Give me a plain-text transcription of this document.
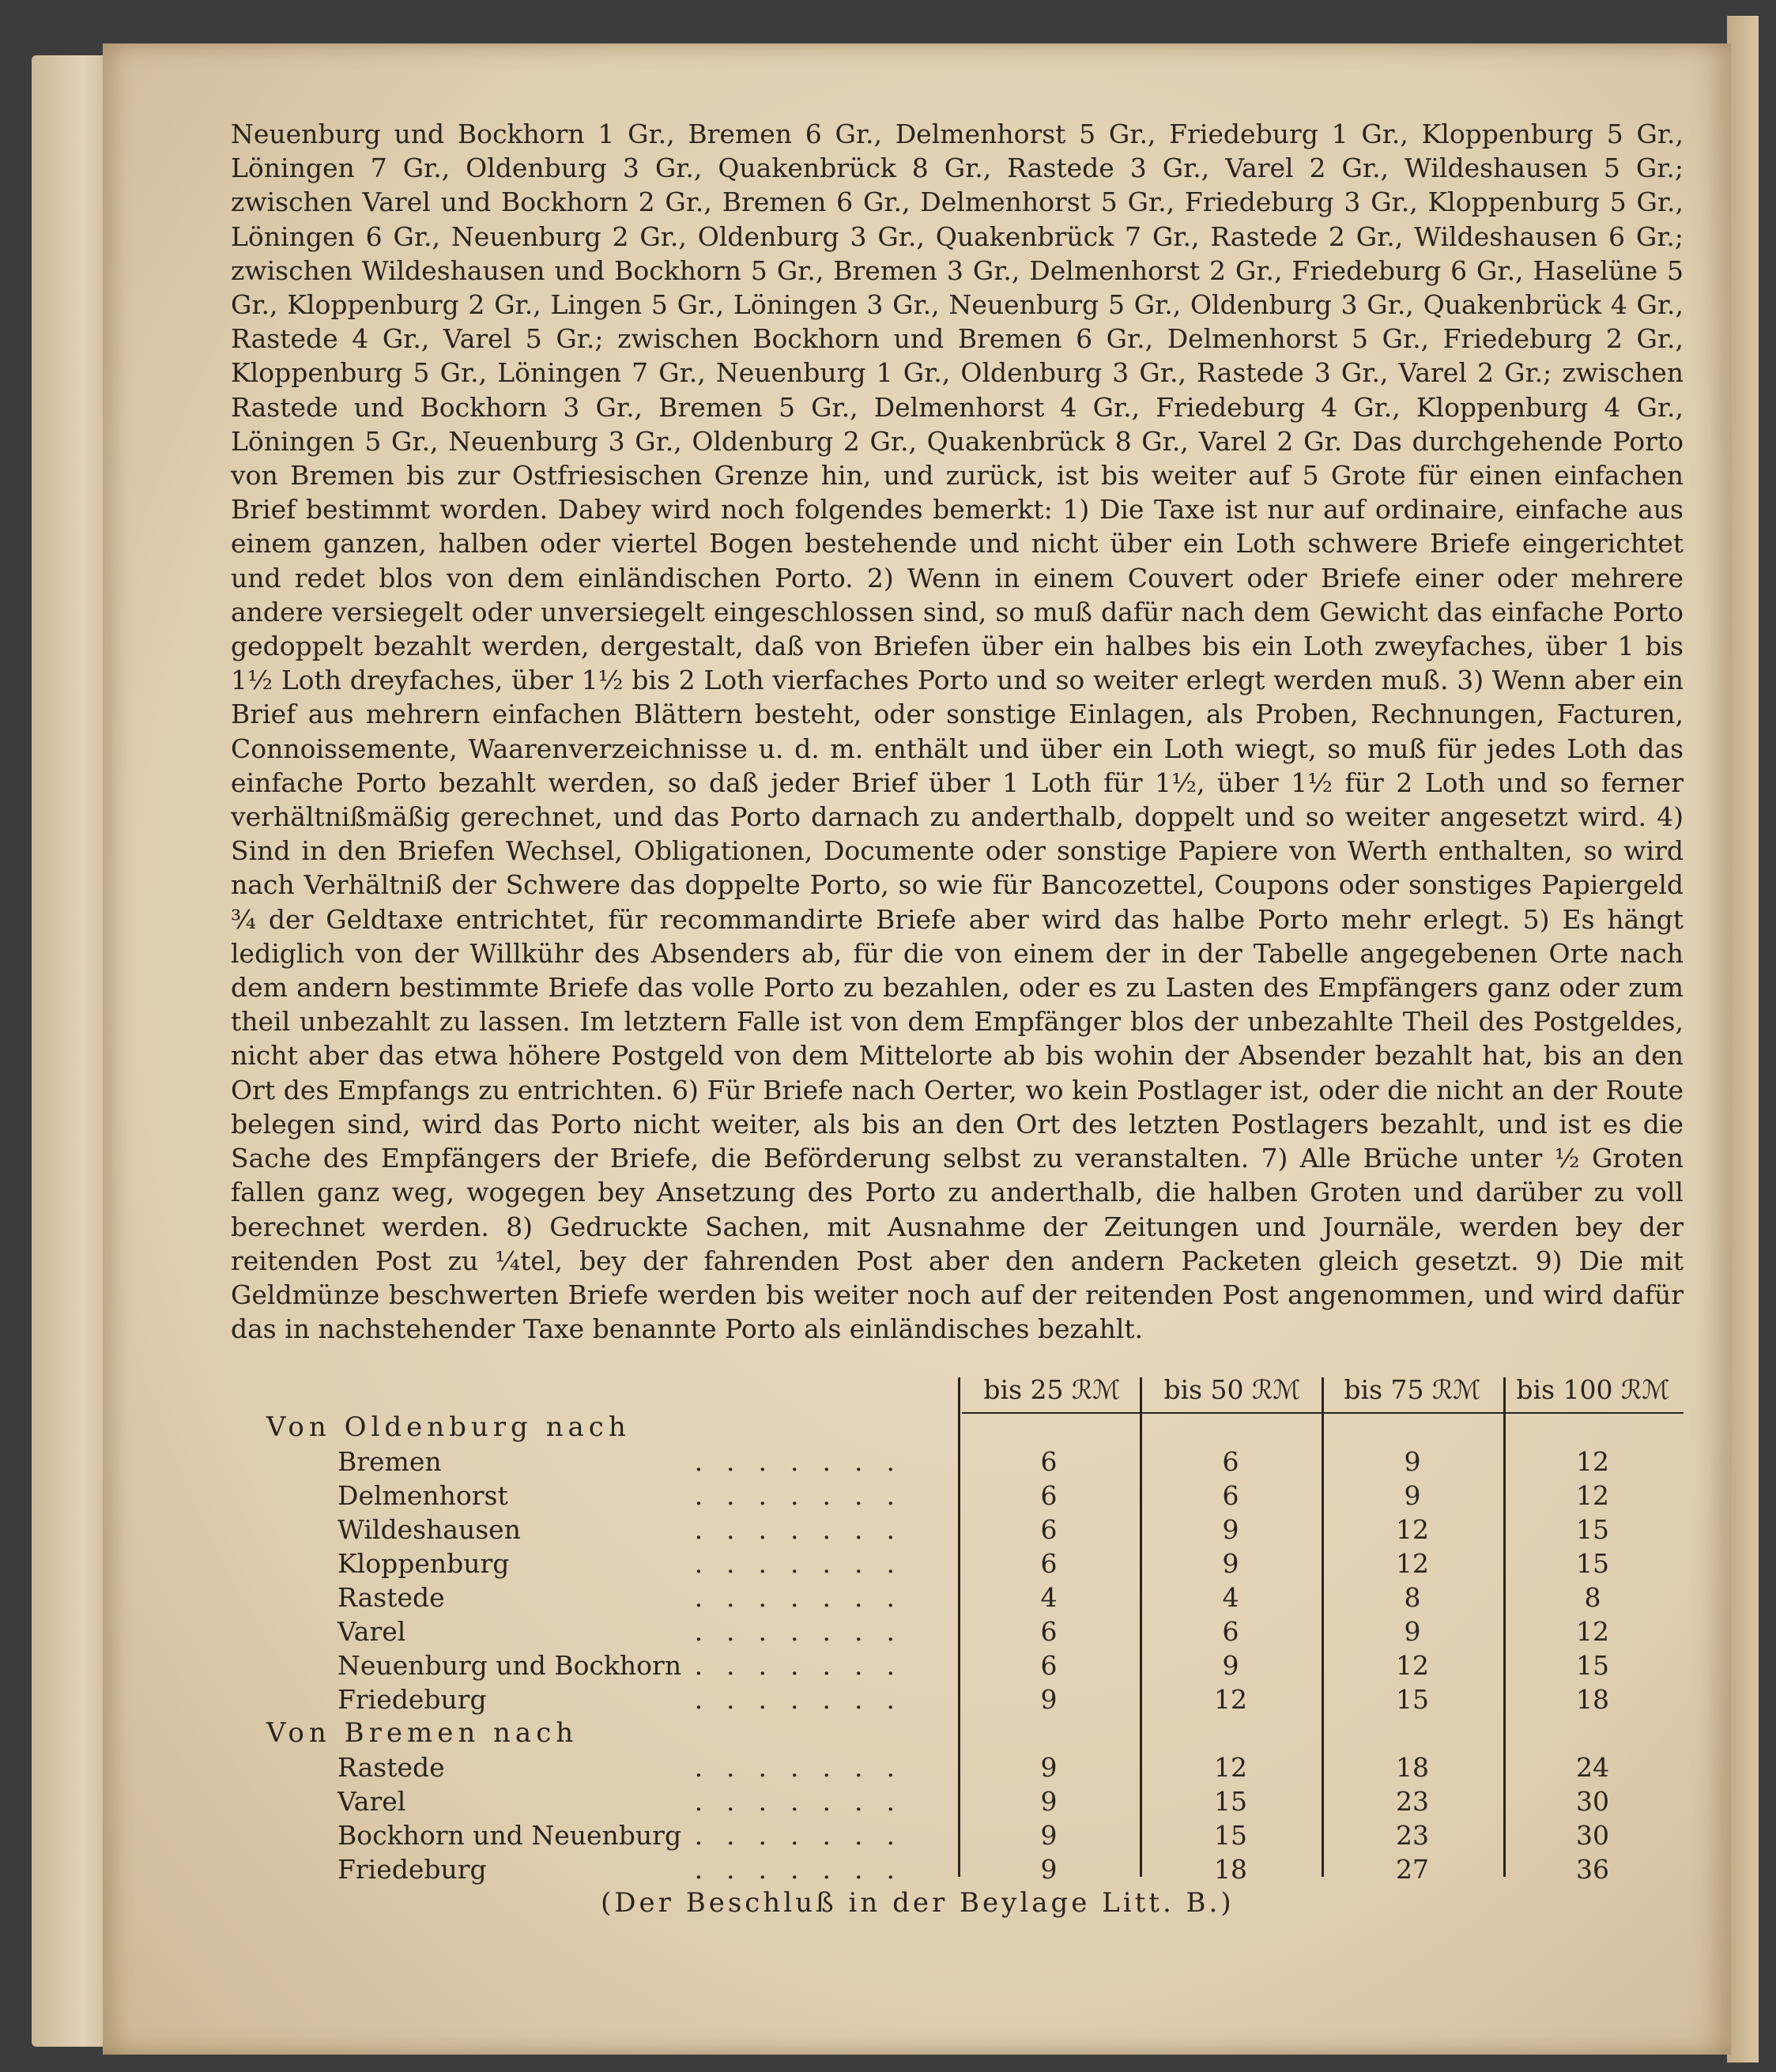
Neuenburg und Bockhorn 1 Gr., Bremen 6 Gr., Delmenhorst 5 Gr., Friedeburg 1 Gr., Kloppenburg 5 Gr., Löningen 7 Gr., Oldenburg 3 Gr., Quakenbrück 8 Gr., Rastede 3 Gr., Varel 2 Gr., Wildeshausen 5 Gr.; zwischen Varel und Bockhorn 2 Gr., Bremen 6 Gr., Delmenhorst 5 Gr., Friedeburg 3 Gr., Kloppenburg 5 Gr., Löningen 6 Gr., Neuenburg 2 Gr., Oldenburg 3 Gr., Quakenbrück 7 Gr., Rastede 2 Gr., Wildeshausen 6 Gr.; zwischen Wildeshausen und Bockhorn 5 Gr., Bremen 3 Gr., Delmenhorst 2 Gr., Friedeburg 6 Gr., Haselüne 5 Gr., Kloppenburg 2 Gr., Lingen 5 Gr., Löningen 3 Gr., Neuenburg 5 Gr., Oldenburg 3 Gr., Quakenbrück 4 Gr., Rastede 4 Gr., Varel 5 Gr.; zwischen Bockhorn und Bremen 6 Gr., Delmenhorst 5 Gr., Friedeburg 2 Gr., Kloppenburg 5 Gr., Löningen 7 Gr., Neuenburg 1 Gr., Oldenburg 3 Gr., Rastede 3 Gr., Varel 2 Gr.; zwischen Rastede und Bockhorn 3 Gr., Bremen 5 Gr., Delmenhorst 4 Gr., Friedeburg 4 Gr., Kloppenburg 4 Gr., Löningen 5 Gr., Neuenburg 3 Gr., Oldenburg 2 Gr., Quakenbrück 8 Gr., Varel 2 Gr. Das durchgehende Porto von Bremen bis zur Ostfriesischen Grenze hin, und zurück, ist bis weiter auf 5 Grote für einen einfachen Brief bestimmt worden. Dabey wird noch folgendes bemerkt: 1) Die Taxe ist nur auf ordinaire, einfache aus einem ganzen, halben oder viertel Bogen bestehende und nicht über ein Loth schwere Briefe eingerichtet und redet blos von dem einländischen Porto. 2) Wenn in einem Couvert oder Briefe einer oder mehrere andere versiegelt oder unversiegelt eingeschlossen sind, so muß dafür nach dem Gewicht das einfache Porto gedoppelt bezahlt werden, dergestalt, daß von Briefen über ein halbes bis ein Loth zweyfaches, über 1 bis 1½ Loth dreyfaches, über 1½ bis 2 Loth vierfaches Porto und so weiter erlegt werden muß. 3) Wenn aber ein Brief aus mehrern einfachen Blättern besteht, oder sonstige Einlagen, als Proben, Rechnungen, Facturen, Connoissemente, Waarenverzeichnisse u. d. m. enthält und über ein Loth wiegt, so muß für jedes Loth das einfache Porto bezahlt werden, so daß jeder Brief über 1 Loth für 1½, über 1½ für 2 Loth und so ferner verhältnißmäßig gerechnet, und das Porto darnach zu anderthalb, doppelt und so weiter angesetzt wird. 4) Sind in den Briefen Wechsel, Obligationen, Documente oder sonstige Papiere von Werth enthalten, so wird nach Verhältniß der Schwere das doppelte Porto, so wie für Bancozettel, Coupons oder sonstiges Papiergeld ¾ der Geldtaxe entrichtet, für recommandirte Briefe aber wird das halbe Porto mehr erlegt. 5) Es hängt lediglich von der Willkühr des Absenders ab, für die von einem der in der Tabelle angegebenen Orte nach dem andern bestimmte Briefe das volle Porto zu bezahlen, oder es zu Lasten des Empfängers ganz oder zum theil unbezahlt zu lassen. Im letztern Falle ist von dem Empfänger blos der unbezahlte Theil des Postgeldes, nicht aber das etwa höhere Postgeld von dem Mittelorte ab bis wohin der Absender bezahlt hat, bis an den Ort des Empfangs zu entrichten. 6) Für Briefe nach Oerter, wo kein Postlager ist, oder die nicht an der Route belegen sind, wird das Porto nicht weiter, als bis an den Ort des letzten Postlagers bezahlt, und ist es die Sache des Empfängers der Briefe, die Beförderung selbst zu veranstalten. 7) Alle Brüche unter ½ Groten fallen ganz weg, wogegen bey Ansetzung des Porto zu anderthalb, die halben Groten und darüber zu voll berechnet werden. 8) Gedruckte Sachen, mit Ausnahme der Zeitungen und Journäle, werden bey der reitenden Post zu ¼tel, bey der fahrenden Post aber den andern Packeten gleich gesetzt. 9) Die mit Geldmünze beschwerten Briefe werden bis weiter noch auf der reitenden Post angenommen, und wird dafür das in nachstehender Taxe benannte Porto als einländisches bezahlt.

bis 25 ℛℳ	bis 50 ℛℳ	bis 75 ℛℳ	bis 100 ℛℳ
Von Oldenburg nach
Bremen	.......	6	6	9	12
Delmenhorst	.......	6	6	9	12
Wildeshausen	.......	6	9	12	15
Kloppenburg	.......	6	9	12	15
Rastede	.......	4	4	8	8
Varel	.......	6	6	9	12
Neuenburg und Bockhorn .......	6	9	12	15
Friedeburg	.......	9	12	15	18
Von Bremen nach
Rastede	.......	9	12	18	24
Varel	.......	9	15	23	30
Bockhorn und Neuenburg .......	9	15	23	30
Friedeburg	.......	9	18	27	36
(Der Beschluß in der Beylage Litt. B.)
